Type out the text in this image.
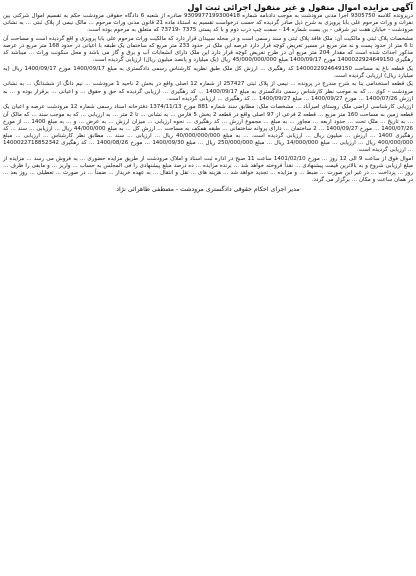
آگهی مزایده اموال منقول و غیر منقول اجرائی ثبت اول

درپرونده کلاسه 9305750 اجرا مدنی مرودشت به موجب دادنامه شماره 9309977199300418 صادره از شعبه 6 دادگاه حقوقی مرودشت حکم به تقسیم اموال شرکتی بین نفرات و وراث مرحوم علی بابا پرویزی به شرح ذیل صادر گردیده که حسب درخواست تقسیم به استناد ماده 21 قانون مدنی وراث مرحوم ... مالک نیمی از پلاک ثبتی ... به نشانی مرودشت - خیابان هفت تیر شرقی - بن بست شماره 14 - سمت چپ درب دوم و با کد پستی 7375 -73719 که متعلق به مرحوم بوده است.

مشخصات پلاک ثبتی و مالکیت آن: ملک فاقد پلاک ثبتی و سند رسمی است و در محله سپیدان قرار دارد که مالکیت وراث مرحوم علی بابا پرویزی و اقع گردیده است و مساحت آن تا 6 متر از حدود پست و نه متر مربع در مسیر تعریض کوچه قرار دارد عرصه این ملک در حدود 233 متر مربع که ساختمان یک طبقه با اعیانی در حدود 168 متر مربع در عرصه مذکور احداث شده است که مقدار 204 متر مربع آن در طرح تعریض کوچه قرار دارد این ملک دارای انشعابات آب و برق و گاز می باشد و محل سکونت وراث ... میباشد کد رهگیری 1400022924649150 مورخ 1400/09/17 مبلغ 45/000/000/000 ریال (یک میلیارد و پانصد میلیون ریال) ارزیابی گردیده است.

یک قطعه باغ به مساحت 1400022924649150 کد رهگیری ... ارزش کل ملک طبق نظریه کارشناس رسمی دادگستری به مبلغ 1400/09/17 مورخ 1400/09/17 ریال (یه میلیارد ریال) ارزیابی گردیده است.

یک قطعه استخدامی بنا به شرح مندرج در پرونده ... نیمی از پلاک ثبتی 257427 از شماره 12 اصلی واقع در بخش 2 ناحیه 1 مرودشت ... نیم دانگ از ششدانگ ... به نشانی مرودشت - کوی ... که به موجب نظر کارشناس رسمی دادگستری به مبلغ 1400/09/17 ... کد رهگیری ... ارزیابی گردیده که حق و حقوق ... و اعیانی ... برقرار بوده و ... به ارزش 1400/07/26 ... مورخ 1400/09/27 ... مبلغ 1400/09/27 ... کد رهگیری ... ارزیابی گردیده است.

ارزیابی کارشناسی اراضی ملک روستای امیرآباد ... مشخصات ملک: مطابق سند شماره 881 مورخ 1374/11/13 دفترخانه اسناد رسمی شماره 12 مرودشت عرصه و اعیان یک قطعه زمین به مساحت 160 متر مربع ... قطعه 2 فرعی از 97 اصلی واقع در قطعه 2 بخش 5 فارس ... به نشانی ... تا 2 متر ... به ارزیابی ... که به موجب سند ... که مالک آن ... به تاریخ ... ملک تحت ... حدود اربعه ... مجاور ... به مبلغ ... مجموع ارزش ... کد رهگیری ... نحوه ارزیابی ... میزان ارزش ... به عرض ... و ... به مبلغ 1400 ... از مورخ 1400/07/26 ... مورخ 1400/09/27 ... 2 ساختمان ... دارای پروانه ساختمانی ... طبقه همکف به مساحت ... ارزش کل ... به مبلغ 44/000/000 ریال ... ارزیابی ... سند ... کد رهگیری 1400 ... ارزش ... میلیون ریال ... ارزیابی گردیده است. ... به مبلغ 40/000/000/000 ریال ... ارزیابی ... سند ... مطابق نظر کارشناس ... ارزیابی ... مبلغ 400/000/000 ریال ... ارزیابی ... مبلغ 14/000/000 ریال ... مبلغ 250/000/000 ریال ... مبلغ 1400/09/30 ... مورخ 1400/08/26 ... کد رهگیری 1400022718852342 ... ارزیابی گردیده است.

اموال فوق از ساعت 9 الی 12 روز ... مورخ 1401/02/10 ساعت 11 صبح در اداره ثبت اسناد و املاک مرودشت از طریق مزایده حضوری ... به فروش می رسد ... مزایده از مبلغ ارزیابی شروع و به بالاترین قیمت پیشنهادی ... نقداً فروخته خواهد شد ... برنده مزایده ... ده درصد مبلغ پیشنهادی را فی المجلس به حساب ... واریز ... و مابقی را ظرف ... روز ... پرداخت ... در غیر این صورت ... ضبط ... و مزایده ... تجدید خواهد شد ... هزینه های ... نقل و انتقال ... به عهده خریدار ... ضمناً ... در صورت ... تعطیلی ... روز بعد ... در همان ساعت و مکان ... برگزار می گردد.

مدیر اجرای احکام حقوقی دادگستری مرودشت - مصطفی طاهرائی نژاد
